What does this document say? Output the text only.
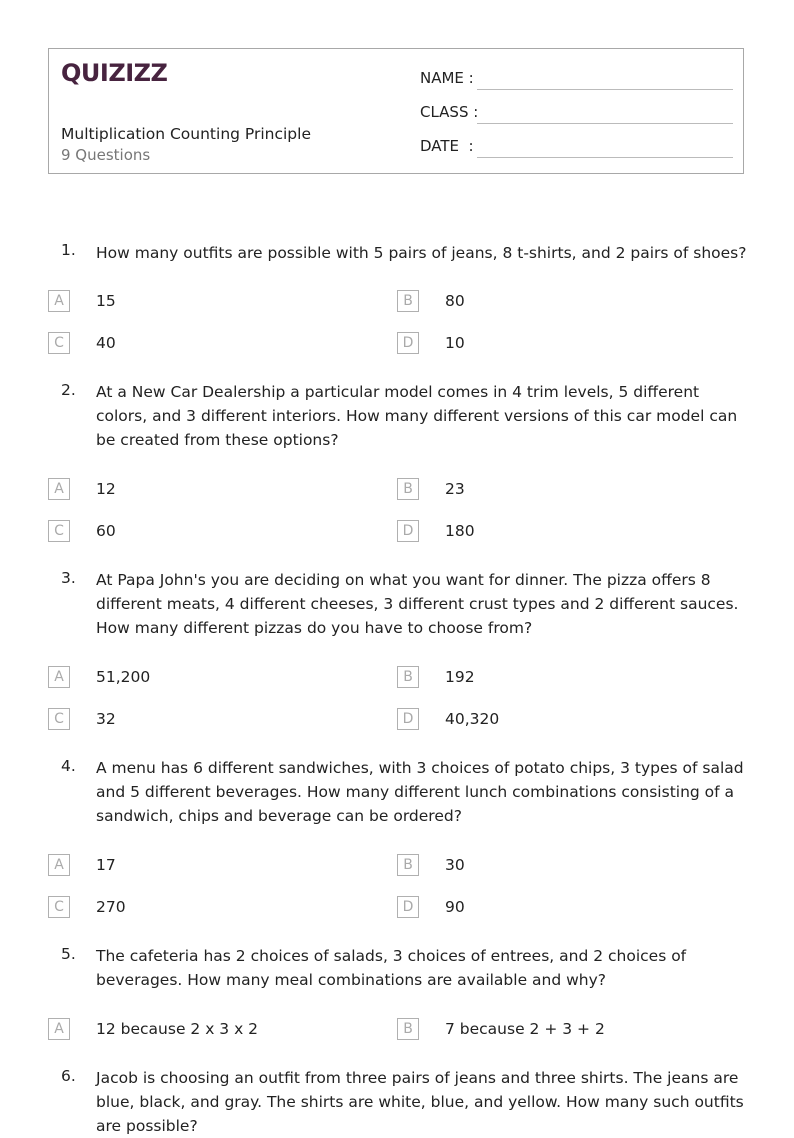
QUIZIZZ
Multiplication Counting Principle
9 Questions
NAME :
CLASS :
DATE  :
1. How many outfits are possible with 5 pairs of jeans, 8 t-shirts, and 2 pairs of shoes?
A	15	B	80
C	40	D	10
2. At a New Car Dealership a particular model comes in 4 trim levels, 5 different colors, and 3 different interiors. How many different versions of this car model can be created from these options?
A	12	B	23
C	60	D	180
3. At Papa John's you are deciding on what you want for dinner. The pizza offers 8 different meats, 4 different cheeses, 3 different crust types and 2 different sauces. How many different pizzas do you have to choose from?
A	51,200	B	192
C	32	D	40,320
4. A menu has 6 different sandwiches, with 3 choices of potato chips, 3 types of salad and 5 different beverages. How many different lunch combinations consisting of a sandwich, chips and beverage can be ordered?
A	17	B	30
C	270	D	90
5. The cafeteria has 2 choices of salads, 3 choices of entrees, and 2 choices of beverages. How many meal combinations are available and why?
A	12 because 2 x 3 x 2	B	7 because 2 + 3 + 2
6. Jacob is choosing an outfit from three pairs of jeans and three shirts. The jeans are blue, black, and gray. The shirts are white, blue, and yellow. How many such outfits are possible?
